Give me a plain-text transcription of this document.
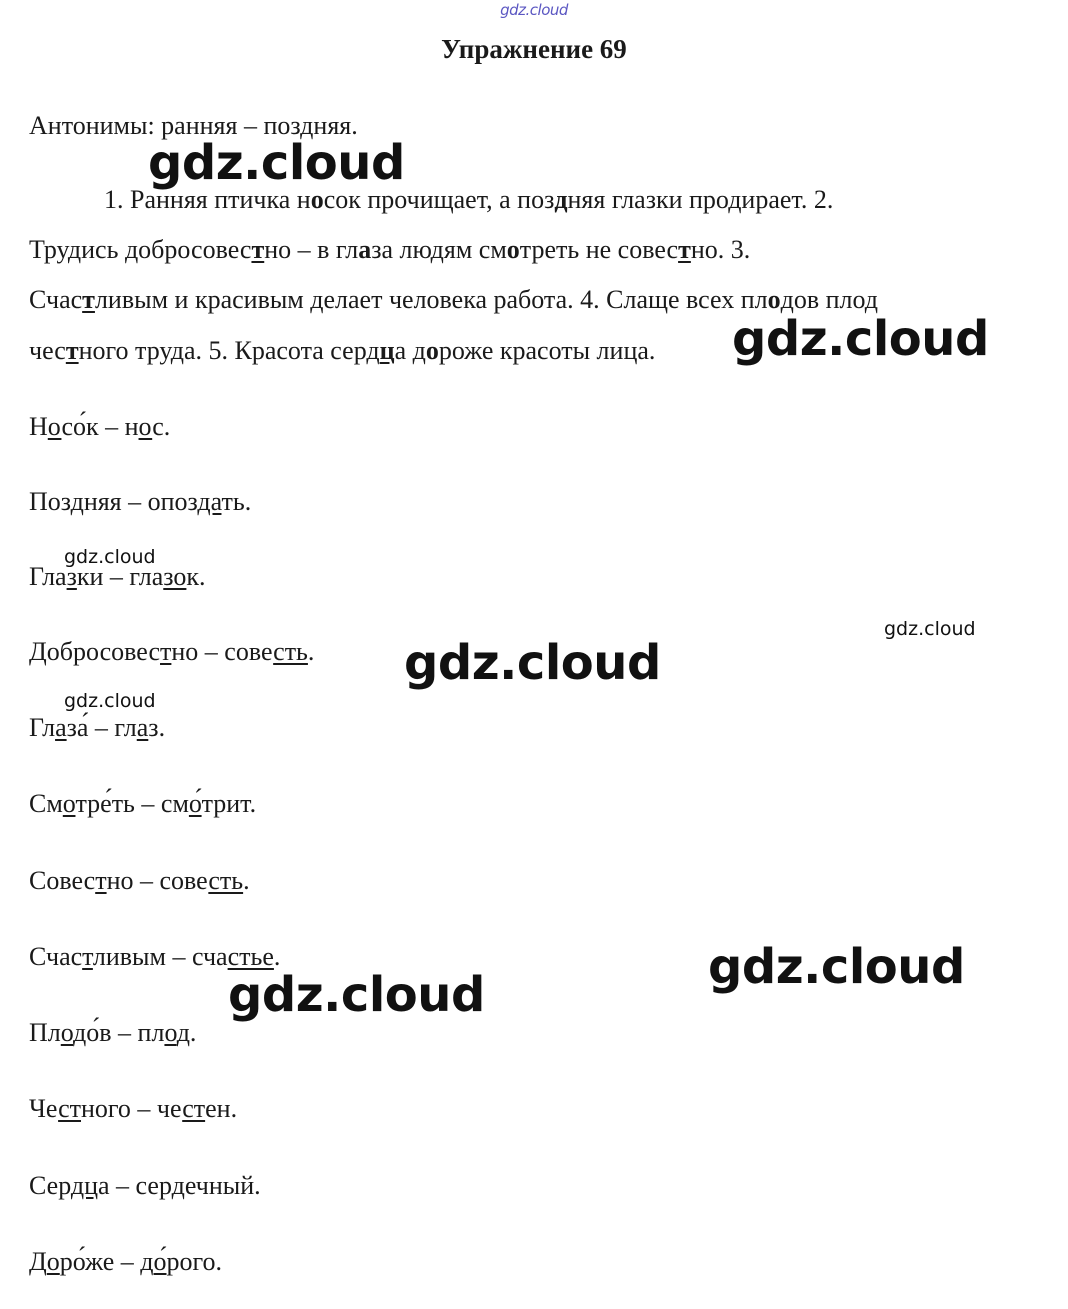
gdz.cloud
Упражнение 69
Антонимы: ранняя – поздняя.
1. Ранняя птичка носок прочищает, а поздняя глазки продирает. 2.
Трудись добросовестно – в глаза людям смотреть не совестно. 3.
Счастливым и красивым делает человека работа. 4. Слаще всех плодов плод
честного труда. 5. Красота сердца дороже красоты лица.
Носо́к – нос.
Поздняя – опоздать.
Глазки – глазок.
Добросовестно – совесть.
Глаза́ – глаз.
Смотре́ть – смо́трит.
Совестно – совесть.
Счастливым – счастье.
Плодо́в – плод.
Честного – честен.
Сердца – сердечный.
Доро́же – до́рого.
gdz.cloud
gdz.cloud
gdz.cloud
gdz.cloud
gdz.cloud
gdz.cloud
gdz.cloud
gdz.cloud
